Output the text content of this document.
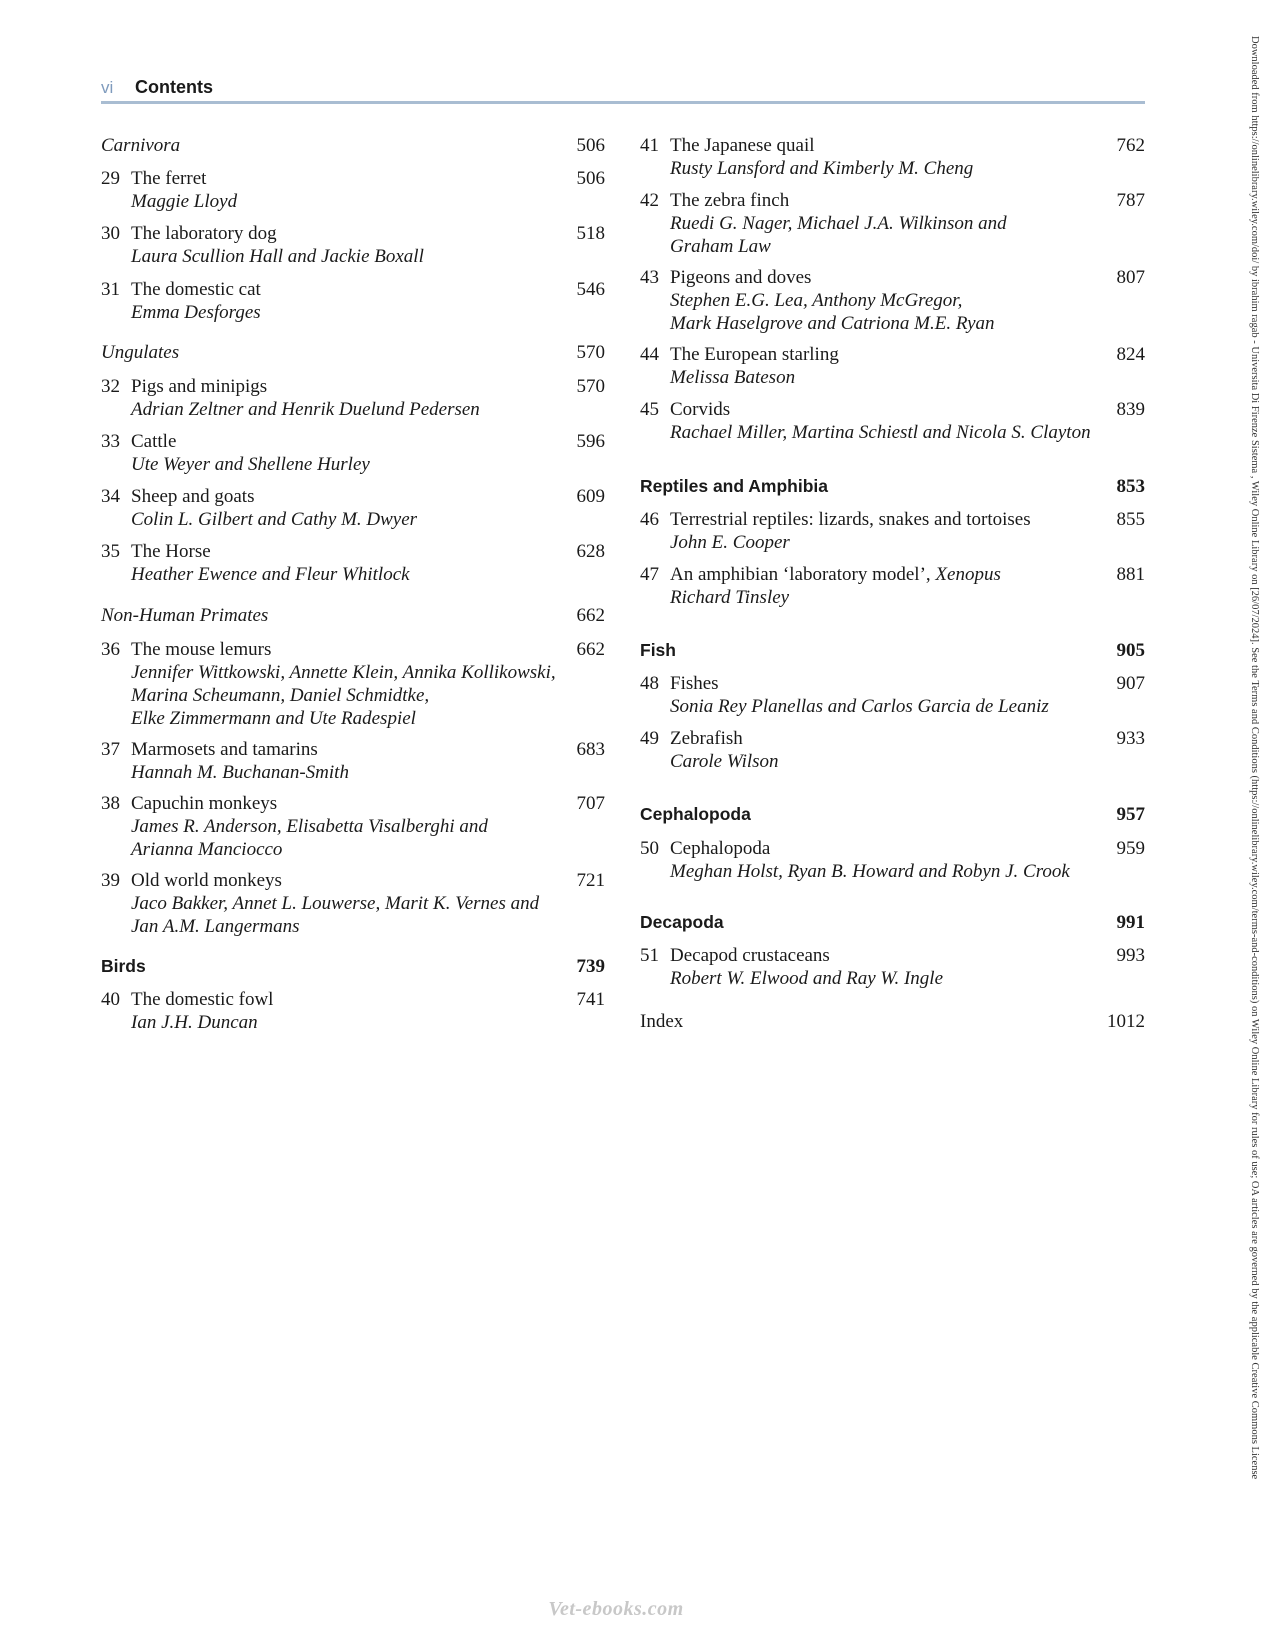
vi Contents
Carnivora	506
29 The ferret	506
Maggie Lloyd
30 The laboratory dog	518
Laura Scullion Hall and Jackie Boxall
31 The domestic cat	546
Emma Desforges
Ungulates	570
32 Pigs and minipigs	570
Adrian Zeltner and Henrik Duelund Pedersen
33 Cattle	596
Ute Weyer and Shellene Hurley
34 Sheep and goats	609
Colin L. Gilbert and Cathy M. Dwyer
35 The Horse	628
Heather Ewence and Fleur Whitlock
Non-Human Primates	662
36 The mouse lemurs	662
Jennifer Wittkowski, Annette Klein, Annika Kollikowski,
Marina Scheumann, Daniel Schmidtke,
Elke Zimmermann and Ute Radespiel
37 Marmosets and tamarins	683
Hannah M. Buchanan-Smith
38 Capuchin monkeys	707
James R. Anderson, Elisabetta Visalberghi and
Arianna Manciocco
39 Old world monkeys	721
Jaco Bakker, Annet L. Louwerse, Marit K. Vernes and
Jan A.M. Langermans
Birds	739
40 The domestic fowl	741
Ian J.H. Duncan
41 The Japanese quail	762
Rusty Lansford and Kimberly M. Cheng
42 The zebra finch	787
Ruedi G. Nager, Michael J.A. Wilkinson and
Graham Law
43 Pigeons and doves	807
Stephen E.G. Lea, Anthony McGregor,
Mark Haselgrove and Catriona M.E. Ryan
44 The European starling	824
Melissa Bateson
45 Corvids	839
Rachael Miller, Martina Schiestl and Nicola S. Clayton
Reptiles and Amphibia	853
46 Terrestrial reptiles: lizards, snakes and tortoises	855
John E. Cooper
47 An amphibian ‘laboratory model’, Xenopus	881
Richard Tinsley
Fish	905
48 Fishes	907
Sonia Rey Planellas and Carlos Garcia de Leaniz
49 Zebrafish	933
Carole Wilson
Cephalopoda	957
50 Cephalopoda	959
Meghan Holst, Ryan B. Howard and Robyn J. Crook
Decapoda	991
51 Decapod crustaceans	993
Robert W. Elwood and Ray W. Ingle
Index	1012	Downloaded from https://onlinelibrary.wiley.com/doi/ by ibrahim ragab - Universita Di Firenze Sistema , Wiley Online Library on [26/07/2024]. See the Terms and Conditions (https://onlinelibrary.wiley.com/terms-and-conditions) on Wiley Online Library for rules of use; OA articles are governed by the applicable Creative Commons License
Vet-ebooks.com
